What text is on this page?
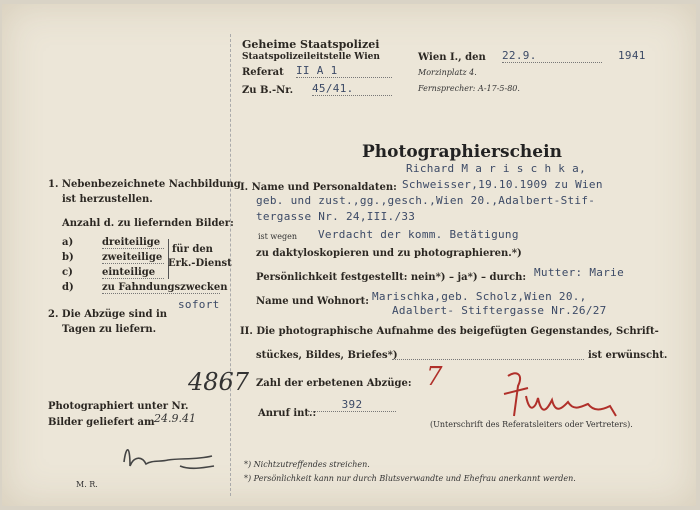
Geheime Staatspolizei
Staatspolizeileitstelle Wien
Referat II A 1
Zu B.-Nr. 45/41.
Wien I., den 22.9.	1941
Morzinplatz 4.
Fernsprecher: A-17-5-80.
Photographierschein
1. Nebenbezeichnete Nachbildung
ist herzustellen.
Anzahl d. zu liefernden Bilder:
a)	dreiteilige
b)	zweiteilige
c)	einteilige
für den
Erk.-Dienst
d)	zu Fahndungszwecken
2. Die Abzüge sind in
sofort
Tagen zu liefern.
Photographiert unter Nr.
4867
Bilder geliefert am 24.9.41
M. R.
Richard M a r i s c h k a,
I. Name und Personaldaten: Schweisser,19.10.1909 zu Wien
geb. und zust.,gg.,gesch.,Wien 20.,Adalbert-Stif-
tergasse Nr. 24,III./33
ist wegen Verdacht der komm. Betätigung
zu daktyloskopieren und zu photographieren.*)
Persönlichkeit festgestellt: nein*) – ja*) – durch: Mutter: Marie
Name und Wohnort: Marischka,geb. Scholz,Wien 20.,
Adalbert- Stiftergasse Nr.26/27
II. Die photographische Aufnahme des beigefügten Gegenstandes, Schrift-
stückes, Bildes, Briefes*)	ist erwünscht.
Zahl der erbetenen Abzüge: 7
Anruf int.:
392
(Unterschrift des Referatsleiters oder Vertreters).
*) Nichtzutreffendes streichen.
*) Persönlichkeit kann nur durch Blutsverwandte und Ehefrau anerkannt werden.
